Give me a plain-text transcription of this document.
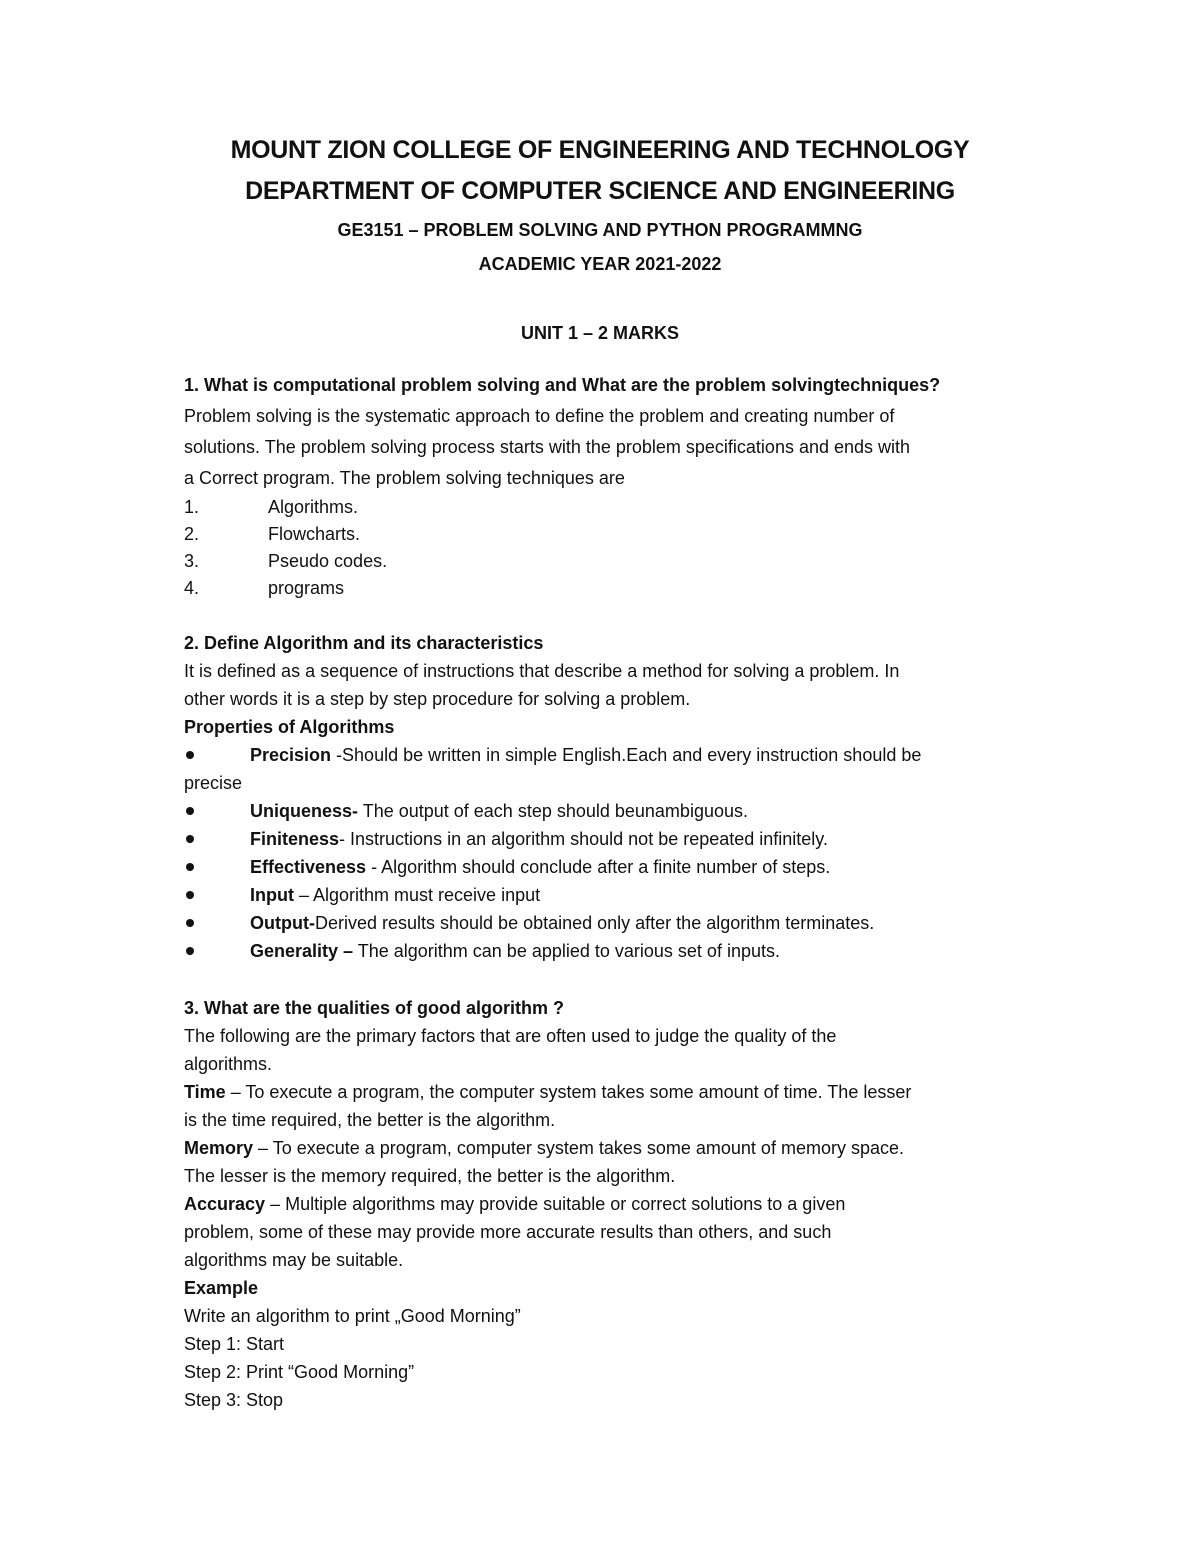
MOUNT ZION COLLEGE OF ENGINEERING AND TECHNOLOGY
DEPARTMENT OF COMPUTER SCIENCE AND ENGINEERING
GE3151 – PROBLEM SOLVING AND PYTHON PROGRAMMNG
ACADEMIC YEAR 2021-2022
UNIT 1 – 2 MARKS
1. What is computational problem solving and What are the problem solvingtechniques?
Problem solving is the systematic approach to define the problem and creating number of
solutions. The problem solving process starts with the problem specifications and ends with
a Correct program. The problem solving techniques are
1.	Algorithms.
2.	Flowcharts.
3.	Pseudo codes.
4.	programs
2. Define Algorithm and its characteristics
It is defined as a sequence of instructions that describe a method for solving a problem. In
other words it is a step by step procedure for solving a problem.
Properties of Algorithms
Precision -Should be written in simple English.Each and every instruction should be
precise
Uniqueness- The output of each step should beunambiguous.
Finiteness- Instructions in an algorithm should not be repeated infinitely.
Effectiveness - Algorithm should conclude after a finite number of steps.
Input – Algorithm must receive input
Output-Derived results should be obtained only after the algorithm terminates.
Generality – The algorithm can be applied to various set of inputs.
3. What are the qualities of good algorithm ?
The following are the primary factors that are often used to judge the quality of the
algorithms.
Time – To execute a program, the computer system takes some amount of time. The lesser
is the time required, the better is the algorithm.
Memory – To execute a program, computer system takes some amount of memory space.
The lesser is the memory required, the better is the algorithm.
Accuracy – Multiple algorithms may provide suitable or correct solutions to a given
problem, some of these may provide more accurate results than others, and such
algorithms may be suitable.
Example
Write an algorithm to print „Good Morning”
Step 1: Start
Step 2: Print “Good Morning”
Step 3: Stop
